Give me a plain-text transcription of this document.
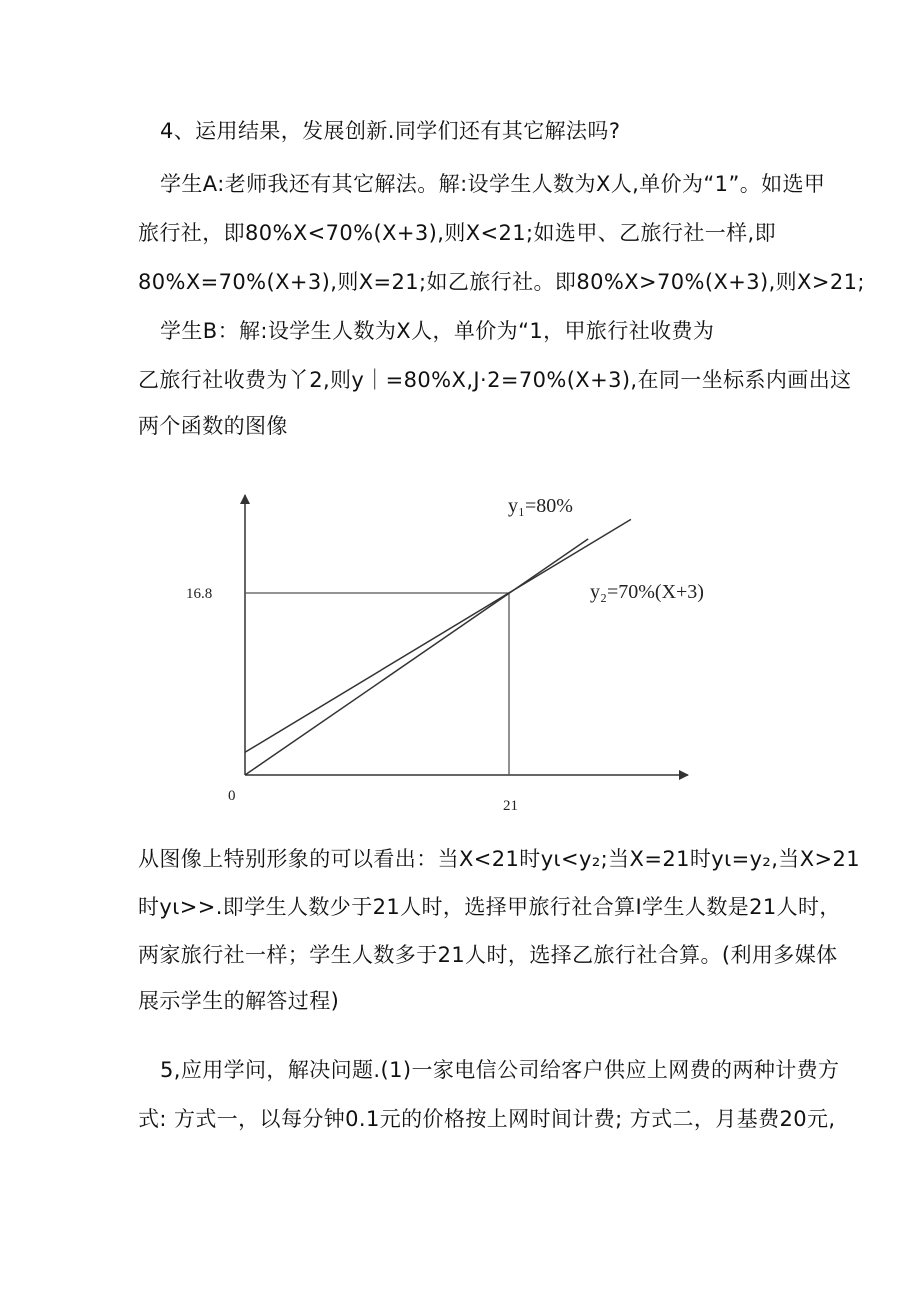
4、运用结果，发展创新.同学们还有其它解法吗?
学生A:老师我还有其它解法。解:设学生人数为X人,单价为“1”。如选甲
旅行社，即80%X<70%(X+3),则X<21;如选甲、乙旅行社一样,即
80%X=70%(X+3),则X=21;如乙旅行社。即80%X>70%(X+3),则X>21;
学生B：解:设学生人数为X人，单价为“1，甲旅行社收费为
乙旅行社收费为丫2,则y｜=80%X,J·2=70%(X+3),在同一坐标系内画出这
两个函数的图像
0
16.8
21
y₁=80%
y₂=70%(X+3)
从图像上特别形象的可以看出：当X<21时yι<y₂;当X=21时yι=y₂,当X>21
时yι>>.即学生人数少于21人时，选择甲旅行社合算I学生人数是21人时，
两家旅行社一样；学生人数多于21人时，选择乙旅行社合算。(利用多媒体
展示学生的解答过程)
5,应用学问，解决问题.(1)一家电信公司给客户供应上网费的两种计费方
式: 方式一，以每分钟0.1元的价格按上网时间计费; 方式二，月基费20元,
